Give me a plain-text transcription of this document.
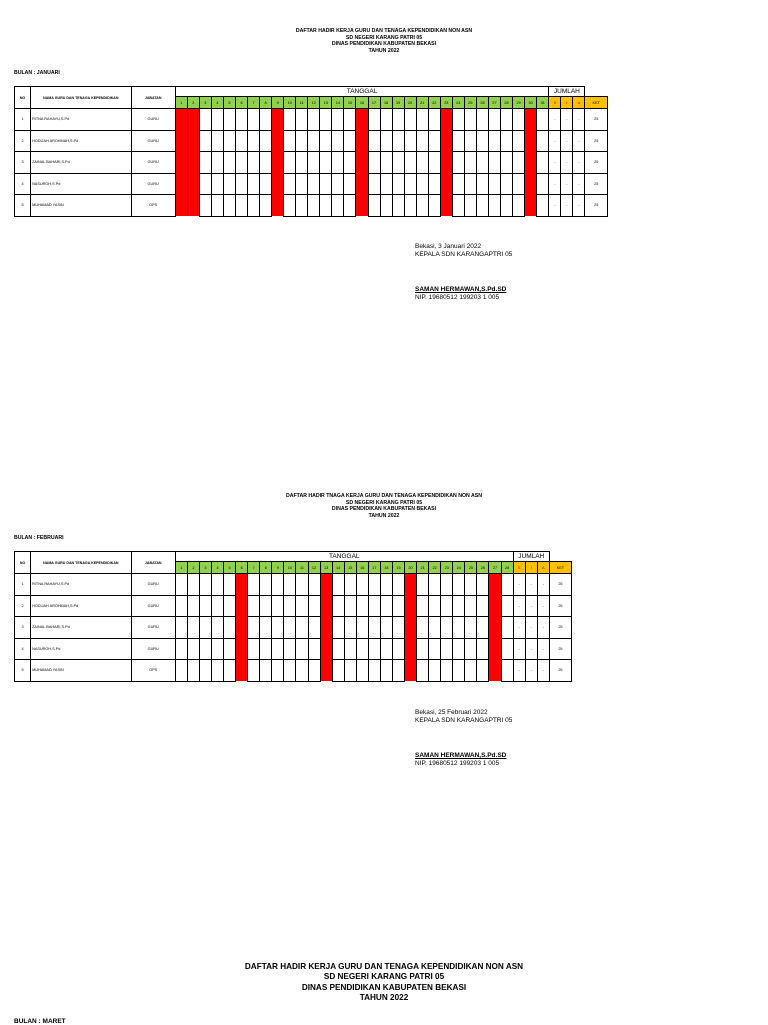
DAFTAR HADIR KERJA GURU DAN TENAGA KEPENDIDIKAN NON ASN
SD NEGERI KARANG PATRI 05
DINAS PENDIDIKAN KABUPATEN BEKASI
TAHUN 2022
BULAN : JANUARI
NO	NAMA GURU DAN TENAGA KEPENDIDIKAN	JABATAN	TANGGAL																															JUMLAH			
			1	2	3	4	5	6	7	8	9	10	11	12	13	14	15	16	17	18	19	20	21	22	23	24	25	26	27	28	29	30	31	S	I	A	KET
1	RITNA RAHAYU,S.Pd	GURU																																-	-	-	25
2	HODIJAH AROHMAH,S.Pd	GURU																																-	-	-	25
3	ZAINAL BAHARI,S.Pd	GURU																																-	-	-	25
4	NASUROH,S.Pd	GURU																																-	-	-	25
5	MUHAMAD YASIN	OPS																																-	-	-	25
Bekasi, 3 Januari 2022
KEPALA SDN KARANGAPTRI 05
SAMAN HERMAWAN,S.Pd.SD
NIP. 19680512 199203 1 005
DAFTAR HADIR TNAGA KERJA GURU DAN TENAGA KEPENDIDIKAN NON ASN
SD NEGERI KARANG PATRI 05
DINAS PENDIDIKAN KABUPATEN BEKASI
TAHUN 2022
BULAN : FEBRUARI
NO	NAMA GURU DAN TENAGA KEPENDIDIKAN	JABATAN	TANGGAL																												JUMLAH			
			1	2	3	4	5	6	7	8	9	10	11	12	13	14	15	16	17	18	19	20	21	22	23	24	25	26	27	28	S	I	A	KET
1	RITNA RAHAYU,S.Pd	GURU																													-	-	-	25
2	HODIJAH AROHMAH,S.Pd	GURU																													-	-	-	25
3	ZAINAL BAHARI,S.Pd	GURU																													-	-	-	25
4	NASUROH,S.Pd	GURU																													-	-	-	25
5	MUHAMAD YASIN	OPS																													-	-	-	25
Bekasi, 25 Februari 2022
KEPALA SDN KARANGAPTRI 05
SAMAN HERMAWAN,S.Pd.SD
NIP. 19680512 199203 1 005
DAFTAR HADIR KERJA GURU DAN TENAGA KEPENDIDIKAN NON ASN
SD NEGERI KARANG PATRI 05
DINAS PENDIDIKAN KABUPATEN BEKASI
TAHUN 2022
BULAN : MARET
